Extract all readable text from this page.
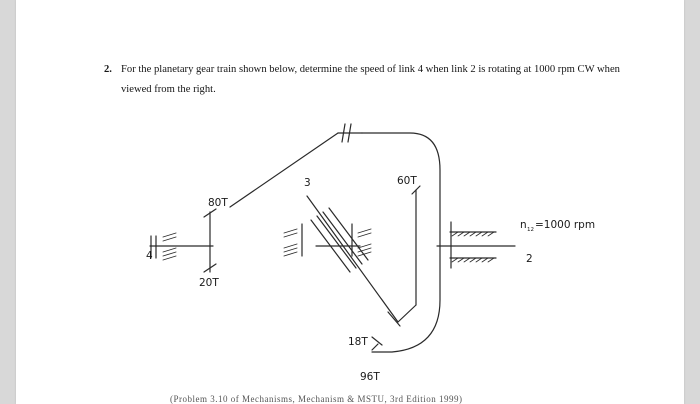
2. For the planetary gear train shown below, determine the speed of link 4 when link 2 is rotating at 1000 rpm CW when viewed from the right.
80T
20T
60T
18T
96T
3
4	2
n 12 =1000 rpm
(Problem 3.10 of Mechanisms, Mechanism & MSTU, 3rd Edition 1999)
